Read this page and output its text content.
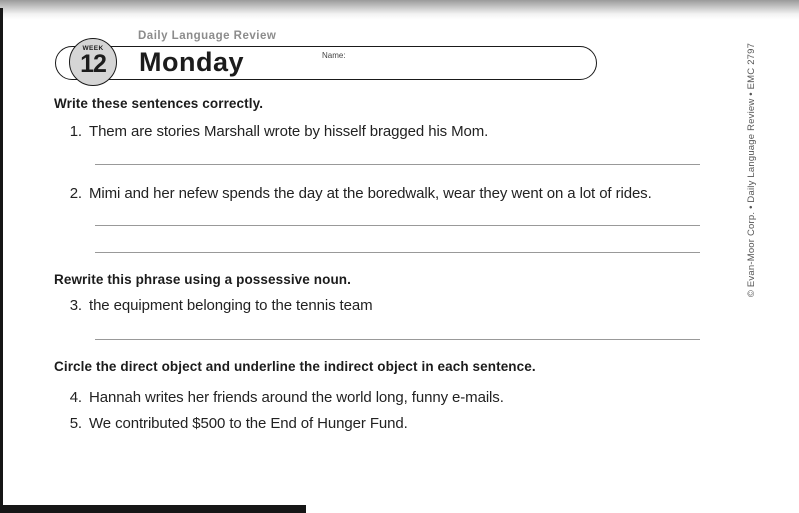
Daily Language Review
WEEK
12	Monday	Name:	© Evan-Moor Corp. • Daily Language Review • EMC 2797
Write these sentences correctly.
1. Them are stories Marshall wrote by hisself bragged his Mom.
2. Mimi and her nefew spends the day at the boredwalk, wear they went on a lot of rides.
Rewrite this phrase using a possessive noun.
3. the equipment belonging to the tennis team
Circle the direct object and underline the indirect object in each sentence.
4. Hannah writes her friends around the world long, funny e-mails.
5. We contributed $500 to the End of Hunger Fund.
